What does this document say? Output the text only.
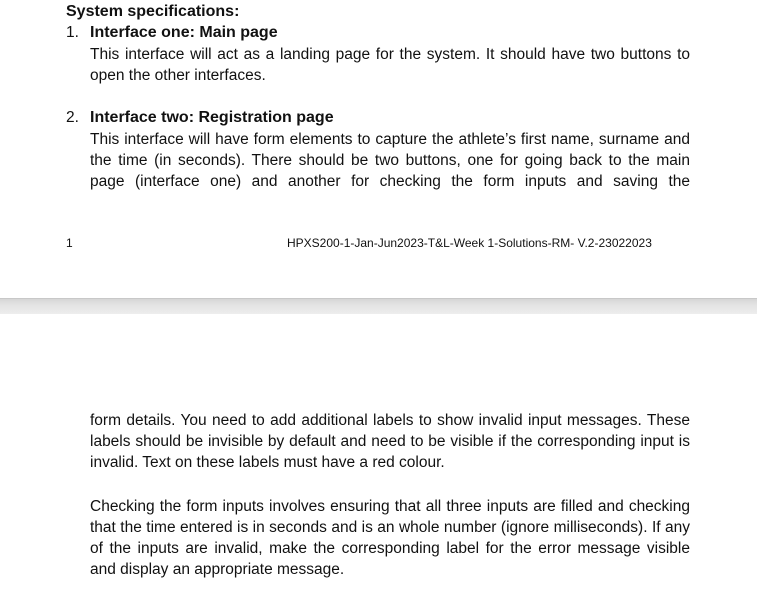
System specifications:
1. Interface one: Main page
This interface will act as a landing page for the system. It should have two buttons to open the other interfaces.
2. Interface two: Registration page
This interface will have form elements to capture the athlete’s first name, surname and the time (in seconds). There should be two buttons, one for going back to the main page (interface one) and another for checking the form inputs and saving the
1	HPXS200-1-Jan-Jun2023-T&L-Week 1-Solutions-RM- V.2-23022023
form details. You need to add additional labels to show invalid input messages. These labels should be invisible by default and need to be visible if the corresponding input is invalid. Text on these labels must have a red colour.
Checking the form inputs involves ensuring that all three inputs are filled and checking that the time entered is in seconds and is an whole number (ignore milliseconds). If any of the inputs are invalid, make the corresponding label for the error message visible and display an appropriate message.
